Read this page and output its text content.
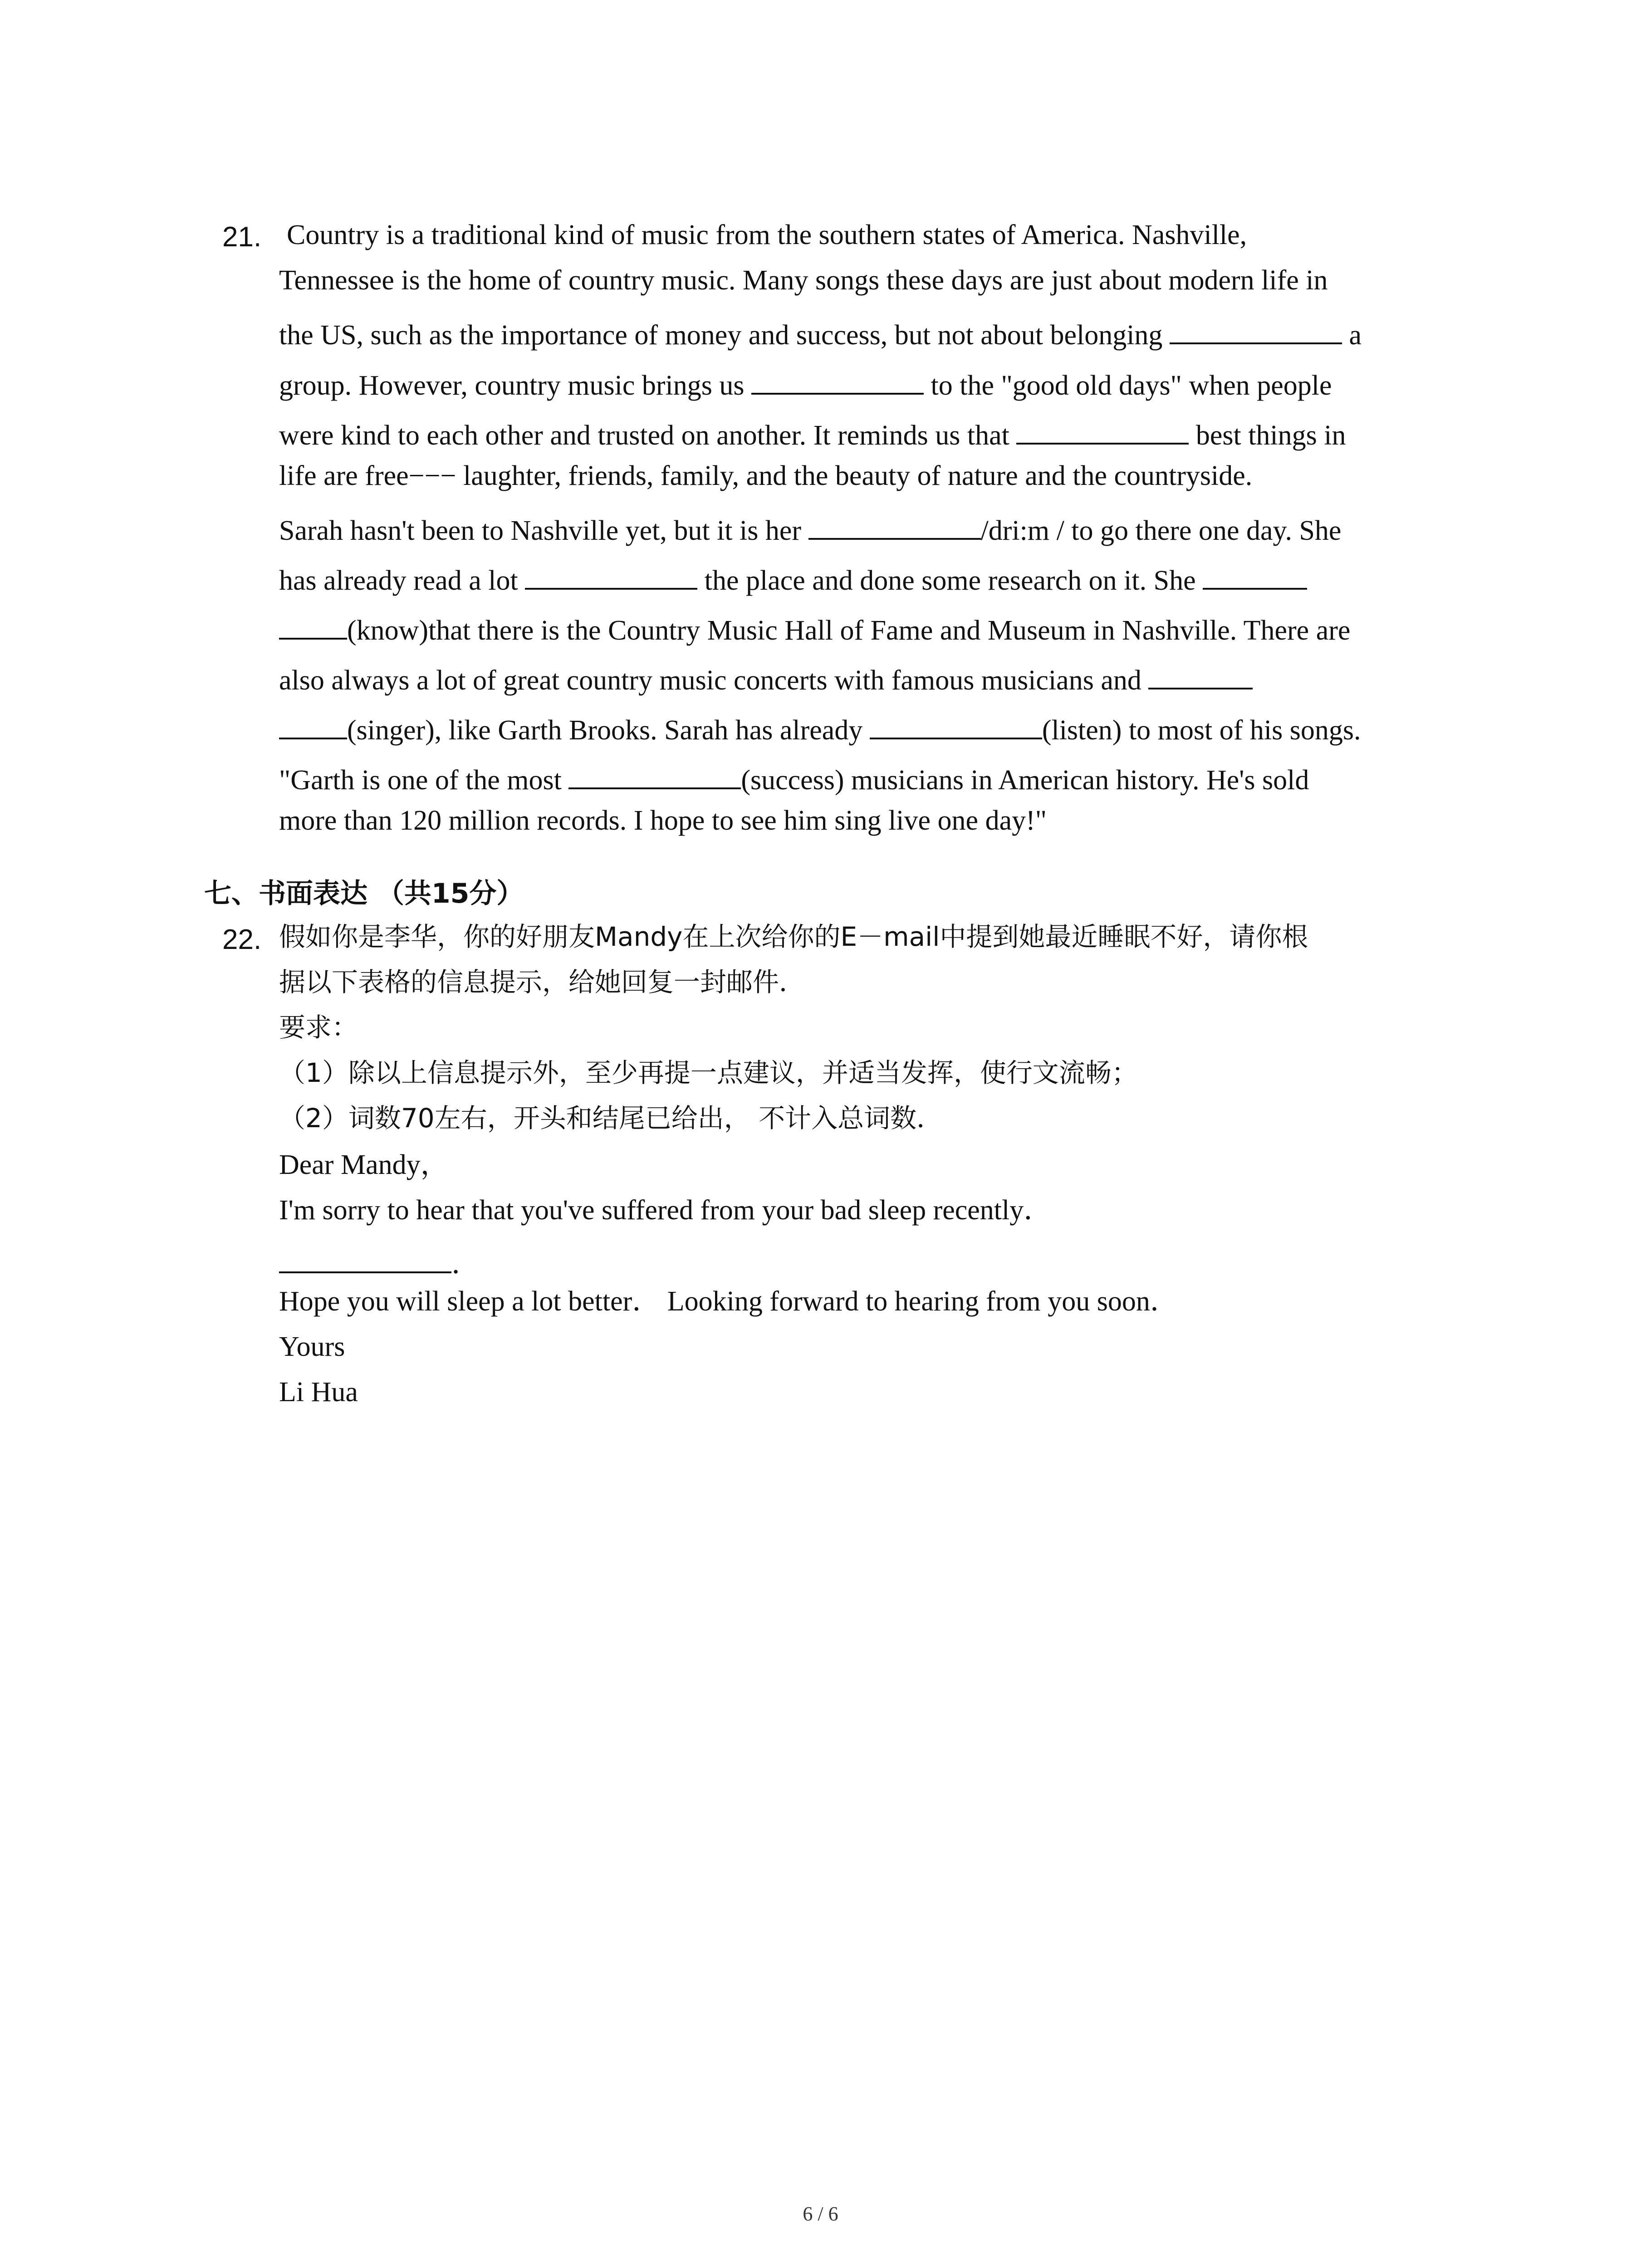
21. Country is a traditional kind of music from the southern states of America. Nashville,
Tennessee is the home of country music. Many songs these days are just about modern life in
the US, such as the importance of money and success, but not about belonging	a
group. However, country music brings us	to the "good old days" when people
were kind to each other and trusted on another. It reminds us that	best things in
life are free−−− laughter, friends, family, and the beauty of nature and the countryside.
Sarah hasn't been to Nashville yet, but it is her	/dri:m / to go there one day. She
has already read a lot	the place and done some research on it. She
(know)that there is the Country Music Hall of Fame and Museum in Nashville. There are
also always a lot of great country music concerts with famous musicians and
(singer), like Garth Brooks. Sarah has already	(listen) to most of his songs.
"Garth is one of the most	(success) musicians in American history. He's sold
more than 120 million records. I hope to see him sing live one day!"
七、书面表达 （共15分）
22. 假如你是李华，你的好朋友Mandy在上次给你的E－mail中提到她最近睡眠不好，请你根
据以下表格的信息提示，给她回复一封邮件．
要求：
（1）除以上信息提示外，至少再提一点建议，并适当发挥，使行文流畅；
（2）词数70左右，开头和结尾已给出， 不计入总词数．
Dear Mandy，
I'm sorry to hear that you've suffered from your bad sleep recently．
．
Hope you will sleep a lot better． Looking forward to hearing from you soon．
Yours
Li Hua
6 / 6
